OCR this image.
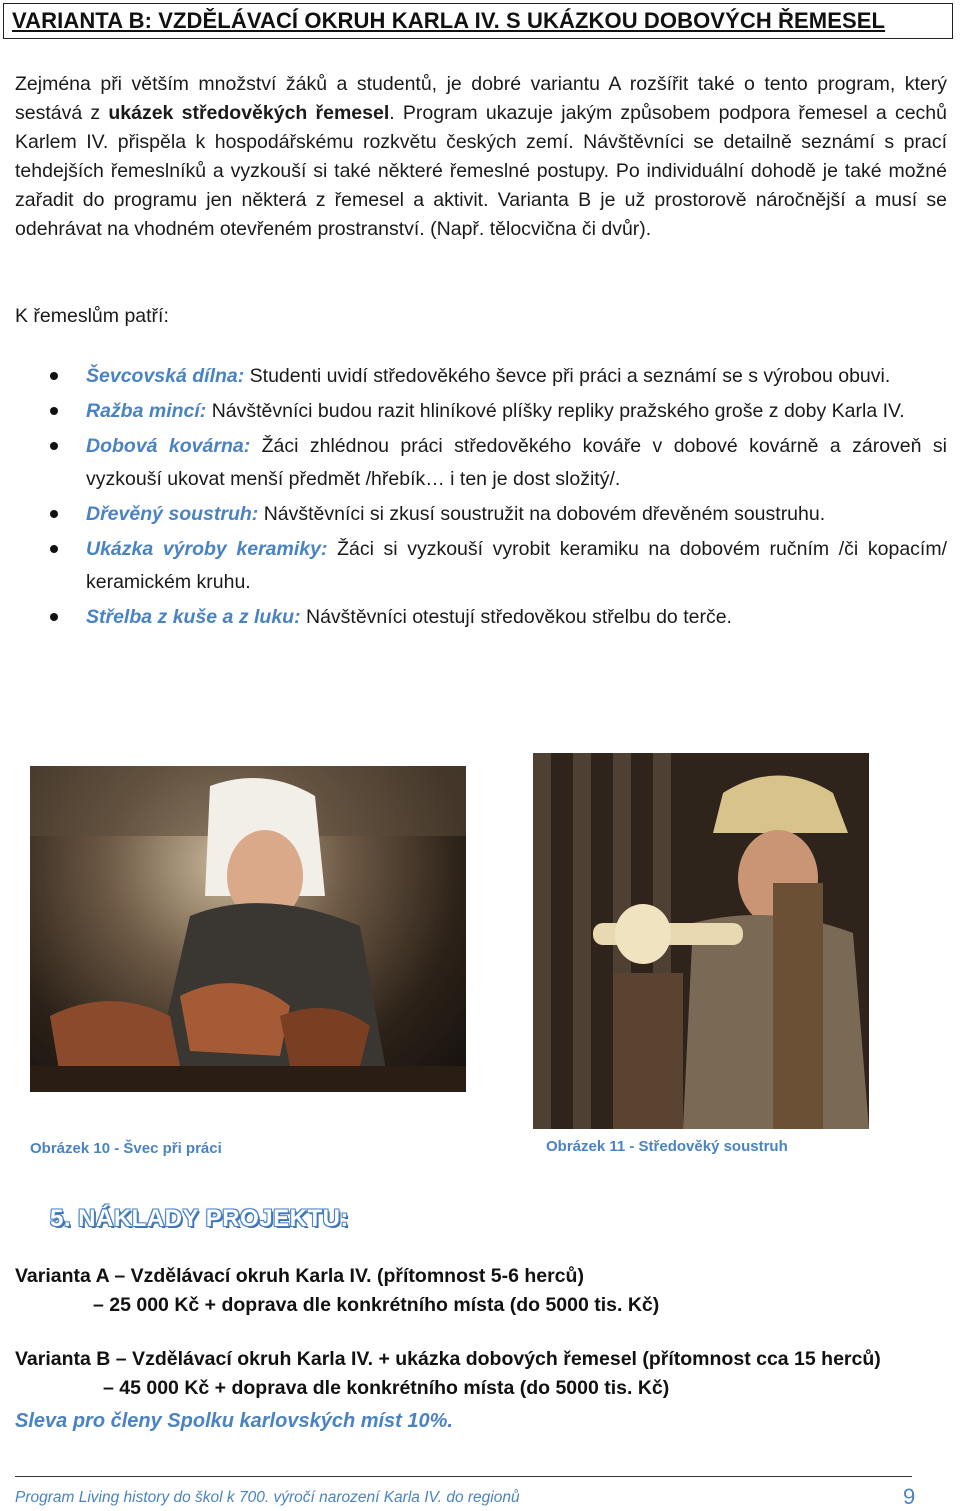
VARIANTA B: VZDĚLÁVACÍ OKRUH KARLA IV. S UKÁZKOU DOBOVÝCH ŘEMESEL
Zejména při větším množství žáků a studentů, je dobré variantu A rozšířit také o tento program, který sestává z ukázek středověkých řemesel. Program ukazuje jakým způsobem podpora řemesel a cechů Karlem IV. přispěla k hospodářskému rozkvětu českých zemí. Návštěvníci se detailně seznámí s prací tehdejších řemeslníků a vyzkouší si také některé řemeslné postupy. Po individuální dohodě je také možné zařadit do programu jen některá z řemesel a aktivit. Varianta B je už prostorově náročnější a musí se odehrávat na vhodném otevřeném prostranství. (Např. tělocvična či dvůr).
K řemeslům patří:
Ševcovská dílna: Studenti uvidí středověkého ševce při práci a seznámí se s výrobou obuvi.
Ražba mincí: Návštěvníci budou razit hliníkové plíšky repliky pražského groše z doby Karla IV.
Dobová kovárna: Žáci zhlédnou práci středověkého kováře v dobové kovárně a zároveň si vyzkouší ukovat menší předmět /hřebík… i ten je dost složitý/.
Dřevěný soustruh: Návštěvníci si zkusí soustružit na dobovém dřevěném soustruhu.
Ukázka výroby keramiky: Žáci si vyzkouší vyrobit keramiku na dobovém ručním /či kopacím/ keramickém kruhu.
Střelba z kuše a z luku: Návštěvníci otestují středověkou střelbu do terče.
Obrázek 10 - Švec při práci	Obrázek 11 - Středověký soustruh
5. NÁKLADY PROJEKTU:
Varianta A – Vzdělávací okruh Karla IV. (přítomnost 5-6 herců)
– 25 000 Kč + doprava dle konkrétního místa (do 5000 tis. Kč)
Varianta B – Vzdělávací okruh Karla IV. + ukázka dobových řemesel (přítomnost cca 15 herců)
– 45 000 Kč + doprava dle konkrétního místa (do 5000 tis. Kč)
Sleva pro členy Spolku karlovských míst 10%.
Program Living history do škol k 700. výročí narození Karla IV. do regionů	9
